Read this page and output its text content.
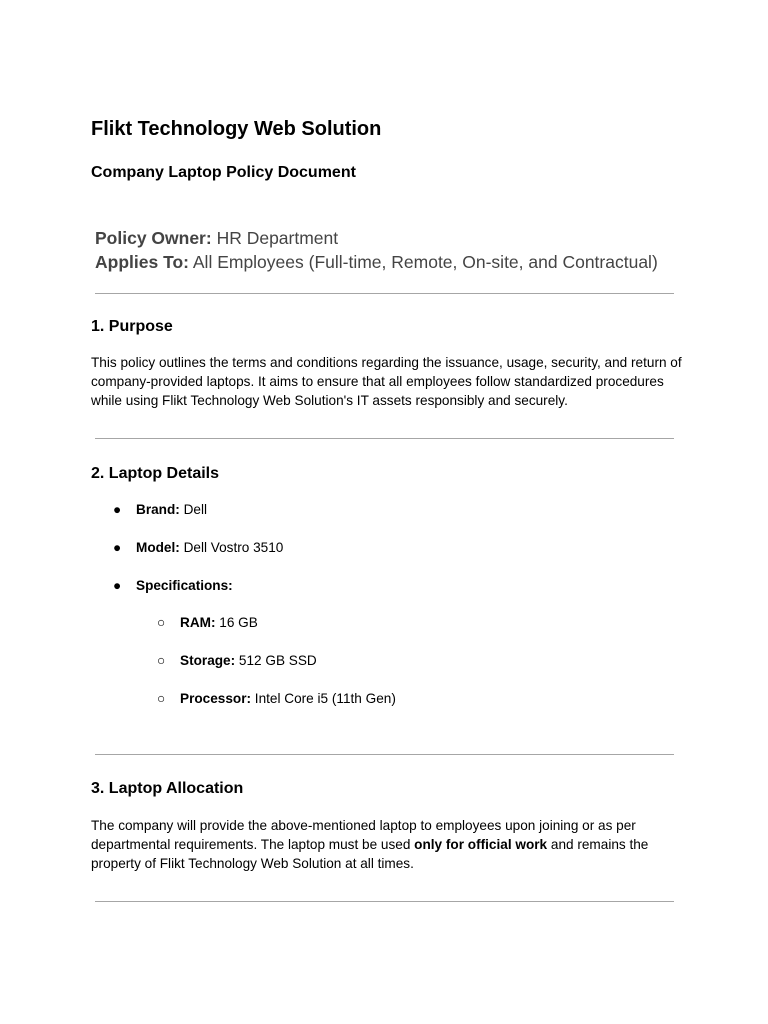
Flikt Technology Web Solution
Company Laptop Policy Document
Policy Owner: HR Department
Applies To: All Employees (Full-time, Remote, On-site, and Contractual)
1. Purpose

This policy outlines the terms and conditions regarding the issuance, usage, security, and return of company-provided laptops. It aims to ensure that all employees follow standardized procedures while using Flikt Technology Web Solution's IT assets responsibly and securely.

2. Laptop Details
●	Brand: Dell
●	Model: Dell Vostro 3510
●	Specifications:
○	RAM: 16 GB
○	Storage: 512 GB SSD
○	Processor: Intel Core i5 (11th Gen)
3. Laptop Allocation

The company will provide the above-mentioned laptop to employees upon joining or as per departmental requirements. The laptop must be used only for official work and remains the property of Flikt Technology Web Solution at all times.
